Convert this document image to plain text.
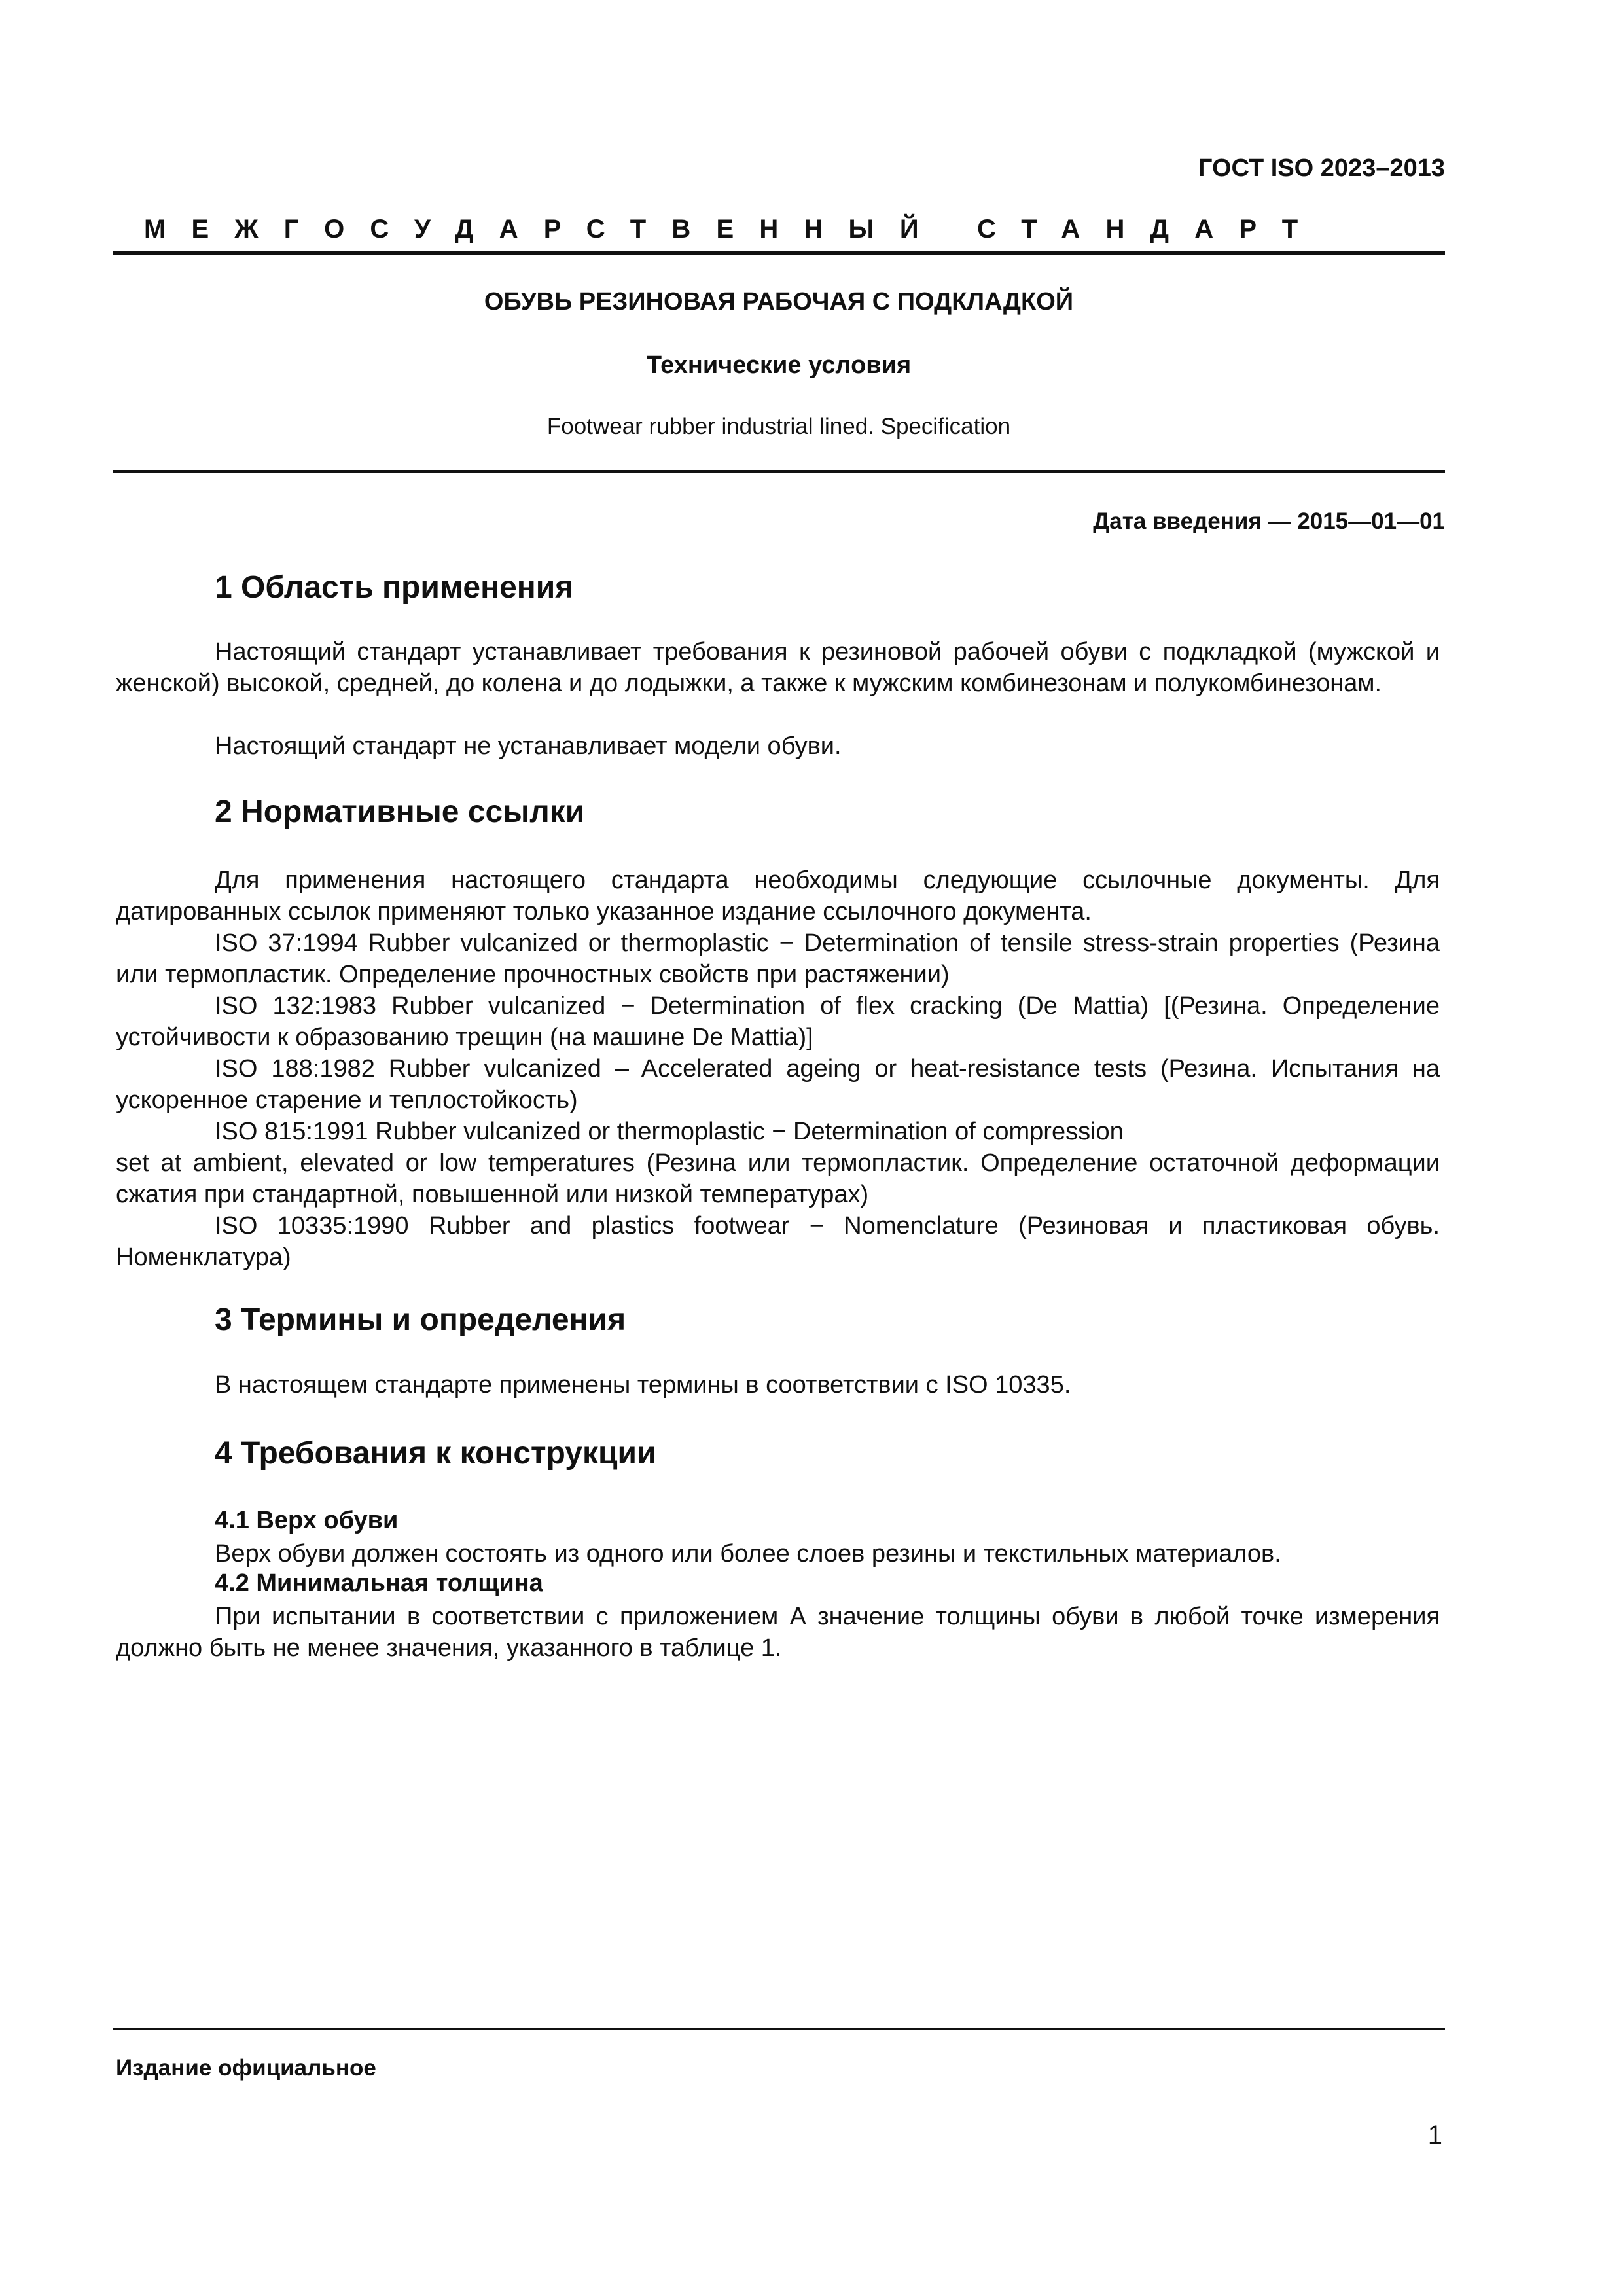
ГОСТ ISO 2023–2013
МЕЖГОСУДАРСТВЕННЫЙ СТАНДАРТ
ОБУВЬ РЕЗИНОВАЯ РАБОЧАЯ С ПОДКЛАДКОЙ
Технические условия
Footwear rubber industrial lined. Specification
Дата введения — 2015—01—01
1 Область применения

Настоящий стандарт устанавливает требования к резиновой рабочей обуви с подкладкой (мужской и женской) высокой, средней, до колена и до лодыжки, а также к мужским комбинезонам и полукомбинезонам.

Настоящий стандарт не устанавливает модели обуви.

2 Нормативные ссылки

Для применения настоящего стандарта необходимы следующие ссылочные документы. Для датированных ссылок применяют только указанное издание ссылочного документа.

ISO 37:1994 Rubber vulcanized or thermoplastic − Determination of tensile stress-strain properties (Резина или термопластик. Определение прочностных свойств при растяжении)

ISO 132:1983 Rubber vulcanized − Determination of flex cracking (De Mattia) [(Резина. Определение устойчивости к образованию трещин (на машине De Mattia)]

ISO 188:1982 Rubber vulcanized – Accelerated ageing or heat-resistance tests (Резина. Испытания на ускоренное старение и теплостойкость)

ISO 815:1991 Rubber vulcanized or thermoplastic − Determination of compression

set at ambient, elevated or low temperatures (Резина или термопластик. Определение остаточной деформации сжатия при стандартной, повышенной или низкой температурах)

ISO 10335:1990 Rubber and plastics footwear − Nomenclature (Резиновая и пластиковая обувь. Номенклатура)

3 Термины и определения

В настоящем стандарте применены термины в соответствии с ISO 10335.

4 Требования к конструкции
4.1 Верх обуви

Верх обуви должен состоять из одного или более слоев резины и текстильных материалов.

4.2 Минимальная толщина

При испытании в соответствии с приложением А значение толщины обуви в любой точке измерения должно быть не менее значения, указанного в таблице 1.

Издание официальное
1
